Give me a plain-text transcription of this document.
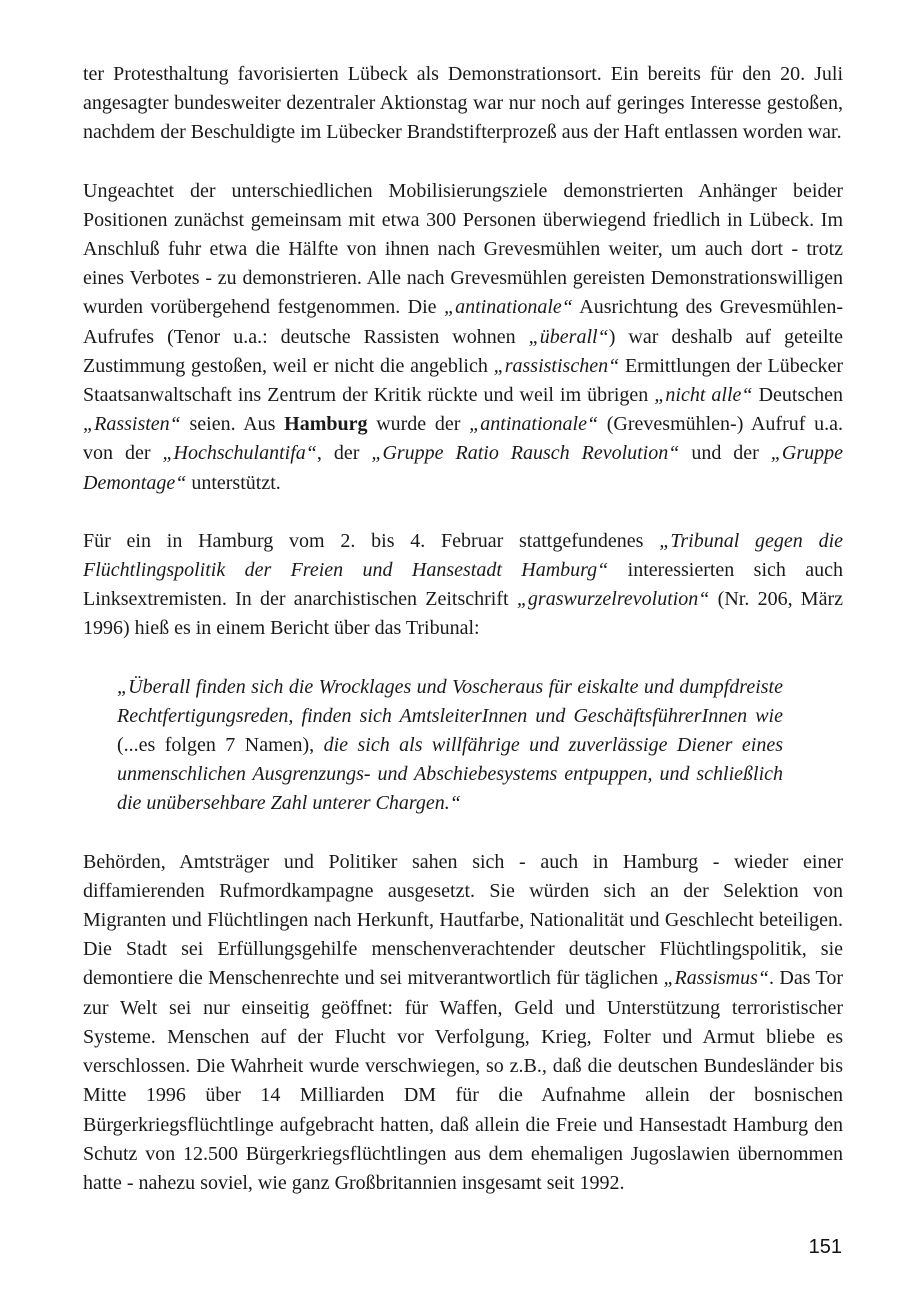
ter Protesthaltung favorisierten Lübeck als Demonstrationsort. Ein bereits für den 20. Juli angesagter bundesweiter dezentraler Aktionstag war nur noch auf geringes Interesse gestoßen, nachdem der Beschuldigte im Lübecker Brandstifterprozeß aus der Haft entlassen worden war.

Ungeachtet der unterschiedlichen Mobilisierungsziele demonstrierten Anhänger beider Positionen zunächst gemeinsam mit etwa 300 Personen überwiegend friedlich in Lübeck. Im Anschluß fuhr etwa die Hälfte von ihnen nach Grevesmühlen weiter, um auch dort - trotz eines Verbotes - zu demonstrieren. Alle nach Grevesmühlen gereisten Demonstrationswilligen wurden vorübergehend festgenommen. Die „antinationale“ Ausrichtung des Grevesmühlen-Aufrufes (Tenor u.a.: deutsche Rassisten wohnen „überall“) war deshalb auf geteilte Zustimmung gestoßen, weil er nicht die angeblich „rassistischen“ Ermittlungen der Lübecker Staatsanwaltschaft ins Zentrum der Kritik rückte und weil im übrigen „nicht alle“ Deutschen „Rassisten“ seien. Aus Hamburg wurde der „antinationale“ (Grevesmühlen-) Aufruf u.a. von der „Hochschulantifa“, der „Gruppe Ratio Rausch Revolution“ und der „Gruppe Demontage“ unterstützt.

Für ein in Hamburg vom 2. bis 4. Februar stattgefundenes „Tribunal gegen die Flüchtlingspolitik der Freien und Hansestadt Hamburg“ interessierten sich auch Linksextremisten. In der anarchistischen Zeitschrift „graswurzelrevolution“ (Nr. 206, März 1996) hieß es in einem Bericht über das Tribunal:

„Überall finden sich die Wrocklages und Voscheraus für eiskalte und dumpfdreiste Rechtfertigungsreden, finden sich AmtsleiterInnen und GeschäftsführerInnen wie (...es folgen 7 Namen), die sich als willfährige und zuverlässige Diener eines unmenschlichen Ausgrenzungs- und Abschiebesystems entpuppen, und schließlich die unübersehbare Zahl unterer Chargen.“

Behörden, Amtsträger und Politiker sahen sich - auch in Hamburg - wieder einer diffamierenden Rufmordkampagne ausgesetzt. Sie würden sich an der Selektion von Migranten und Flüchtlingen nach Herkunft, Hautfarbe, Nationalität und Geschlecht beteiligen. Die Stadt sei Erfüllungsgehilfe menschenverachtender deutscher Flüchtlingspolitik, sie demontiere die Menschenrechte und sei mitverantwortlich für täglichen „Rassismus“. Das Tor zur Welt sei nur einseitig geöffnet: für Waffen, Geld und Unterstützung terroristischer Systeme. Menschen auf der Flucht vor Verfolgung, Krieg, Folter und Armut bliebe es verschlossen. Die Wahrheit wurde verschwiegen, so z.B., daß die deutschen Bundesländer bis Mitte 1996 über 14 Milliarden DM für die Aufnahme allein der bosnischen Bürgerkriegsflüchtlinge aufgebracht hatten, daß allein die Freie und Hansestadt Hamburg den Schutz von 12.500 Bürgerkriegsflüchtlingen aus dem ehemaligen Jugoslawien übernommen hatte - nahezu soviel, wie ganz Großbritannien insgesamt seit 1992.

151
